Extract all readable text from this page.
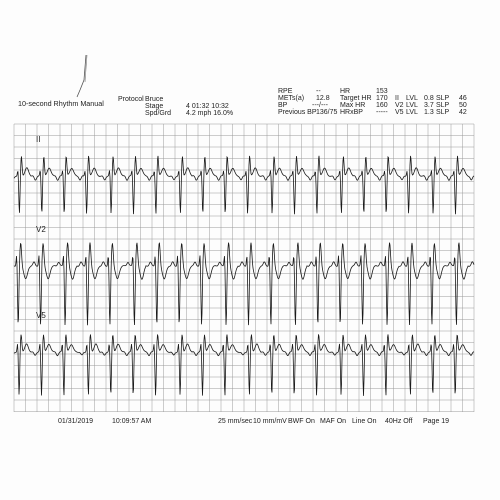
10-second Rhythm Manual Protocol Bruce
Stage	4 01:32 10:32
Spd/Grd 4.2 mph 16.0%
RPE	--
METs(a) 12.8
BP	---/---
Previous BP 136/75
HR	153
Target HR 170
Max HR 160
HRxBP -----
II LVL 0.8 SLP 46
V2 LVL 3.7 SLP 50
V5 LVL 1.3 SLP 42
II
V2
V5
01/31/2019	10:09:57 AM	25 mm/sec 10 mm/mV BWF On MAF On Line On 40Hz Off Page 19
